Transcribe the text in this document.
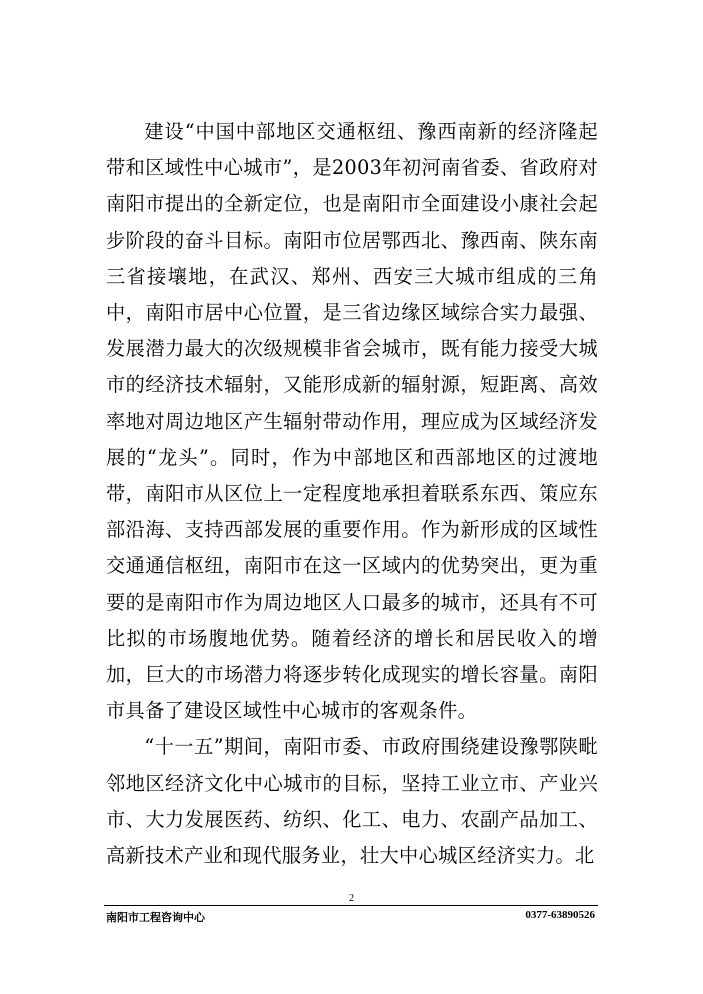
建设“中国中部地区交通枢纽、豫西南新的经济隆起带和区域性中心城市”，是2003年初河南省委、省政府对南阳市提出的全新定位，也是南阳市全面建设小康社会起步阶段的奋斗目标。南阳市位居鄂西北、豫西南、陕东南三省接壤地，在武汉、郑州、西安三大城市组成的三角中，南阳市居中心位置，是三省边缘区域综合实力最强、发展潜力最大的次级规模非省会城市，既有能力接受大城市的经济技术辐射，又能形成新的辐射源，短距离、高效率地对周边地区产生辐射带动作用，理应成为区域经济发展的“龙头”。同时，作为中部地区和西部地区的过渡地带，南阳市从区位上一定程度地承担着联系东西、策应东部沿海、支持西部发展的重要作用。作为新形成的区域性交通通信枢纽，南阳市在这一区域内的优势突出，更为重要的是南阳市作为周边地区人口最多的城市，还具有不可比拟的市场腹地优势。随着经济的增长和居民收入的增加，巨大的市场潜力将逐步转化成现实的增长容量。南阳市具备了建设区域性中心城市的客观条件。

“十一五”期间，南阳市委、市政府围绕建设豫鄂陕毗邻地区经济文化中心城市的目标，坚持工业立市、产业兴市、大力发展医药、纺织、化工、电力、农副产品加工、高新技术产业和现代服务业，壮大中心城区经济实力。北

2
南阳市工程咨询中心	0377-63890526
